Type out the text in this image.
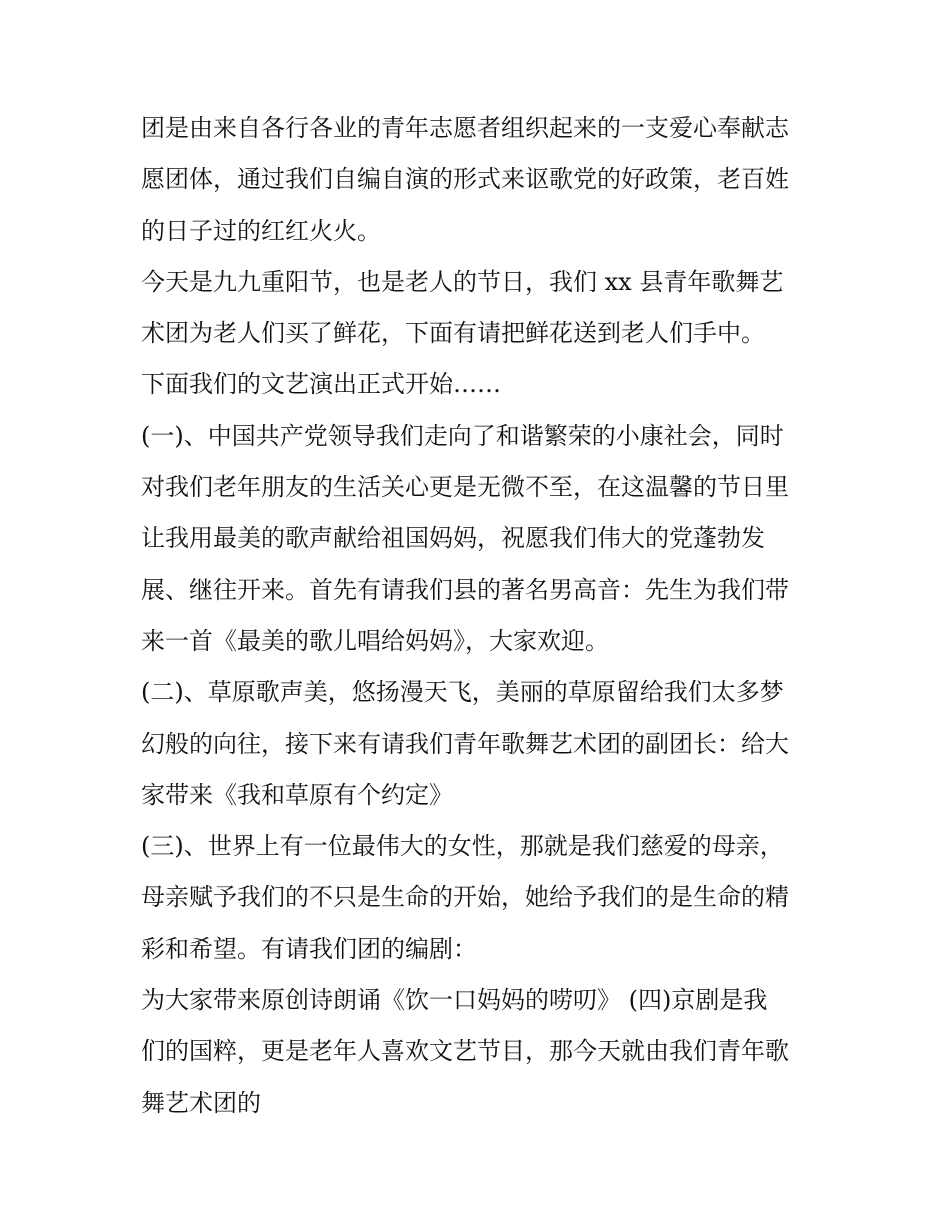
团是由来自各行各业的青年志愿者组织起来的一支爱心奉献志
愿团体，通过我们自编自演的形式来讴歌党的好政策，老百姓
的日子过的红红火火。
今天是九九重阳节，也是老人的节日，我们 xx 县青年歌舞艺
术团为老人们买了鲜花，下面有请把鲜花送到老人们手中。
下面我们的文艺演出正式开始……
(一)、中国共产党领导我们走向了和谐繁荣的小康社会，同时
对我们老年朋友的生活关心更是无微不至，在这温馨的节日里
让我用最美的歌声献给祖国妈妈，祝愿我们伟大的党蓬勃发
展、继往开来。首先有请我们县的著名男高音：先生为我们带
来一首《最美的歌儿唱给妈妈》，大家欢迎。
(二)、草原歌声美，悠扬漫天飞，美丽的草原留给我们太多梦
幻般的向往，接下来有请我们青年歌舞艺术团的副团长：给大
家带来《我和草原有个约定》
(三)、世界上有一位最伟大的女性，那就是我们慈爱的母亲，
母亲赋予我们的不只是生命的开始，她给予我们的是生命的精
彩和希望。有请我们团的编剧：
为大家带来原创诗朗诵《饮一口妈妈的唠叨》 (四)京剧是我
们的国粹，更是老年人喜欢文艺节目，那今天就由我们青年歌
舞艺术团的
